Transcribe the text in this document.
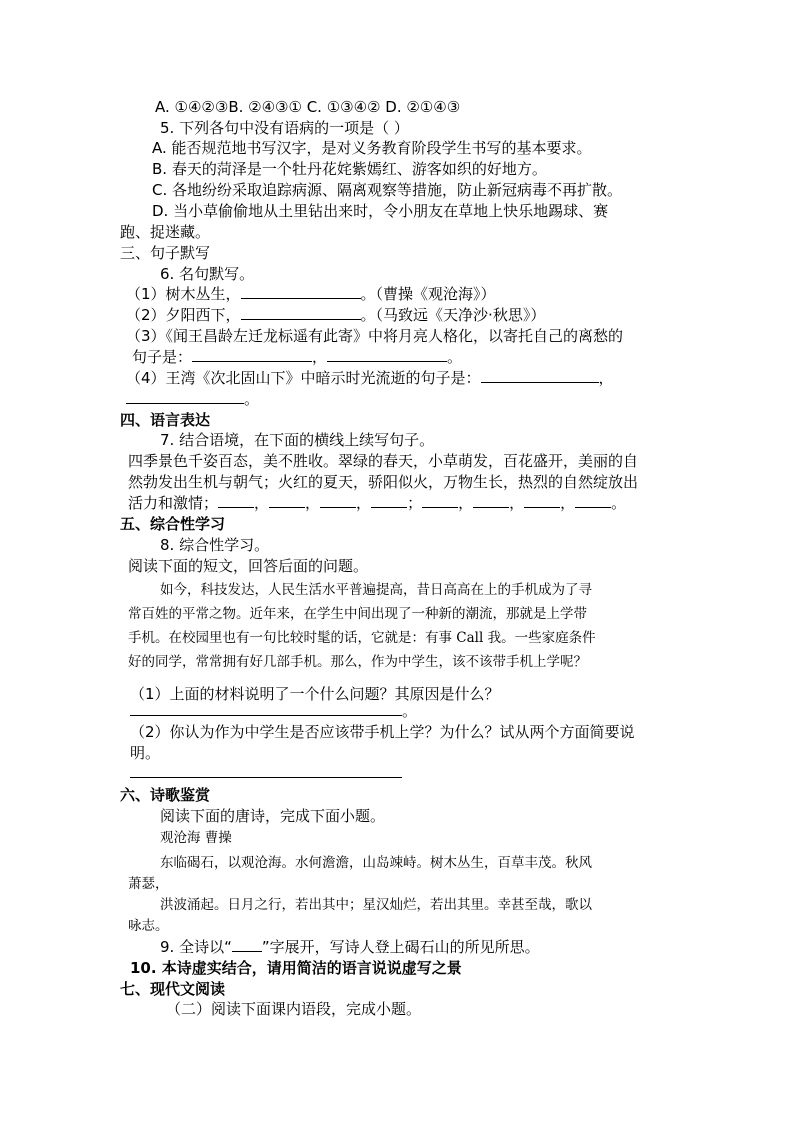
A. ①④②③B. ②④③① C. ①③④② D. ②①④③
5. 下列各句中没有语病的一项是（ ）
A. 能否规范地书写汉字，是对义务教育阶段学生书写的基本要求。
B. 春天的菏泽是一个牡丹花姹紫嫣红、游客如织的好地方。
C. 各地纷纷采取追踪病源、隔离观察等措施，防止新冠病毒不再扩散。
D. 当小草偷偷地从土里钻出来时，令小朋友在草地上快乐地踢球、赛
跑、捉迷藏。
三、句子默写
6. 名句默写。
（1）树木丛生，	。（曹操《观沧海》）
（2）夕阳西下，	。（马致远《天净沙·秋思》）
（3）《闻王昌龄左迁龙标遥有此寄》中将月亮人格化，以寄托自己的离愁的
句子是：	，	。
（4）王湾《次北固山下》中暗示时光流逝的句子是：	，
。
四、语言表达
7. 结合语境，在下面的横线上续写句子。
四季景色千姿百态，美不胜收。翠绿的春天，小草萌发，百花盛开，美丽的自
然勃发出生机与朝气；火红的夏天，骄阳似火，万物生长，热烈的自然绽放出
活力和激情； ， ， ， ； ， ， ， 。
五、综合性学习
8. 综合性学习。
阅读下面的短文，回答后面的问题。
如今，科技发达，人民生活水平普遍提高，昔日高高在上的手机成为了寻
常百姓的平常之物。近年来，在学生中间出现了一种新的潮流，那就是上学带
手机。在校园里也有一句比较时髦的话，它就是：有事 Call 我。一些家庭条件
好的同学，常常拥有好几部手机。那么，作为中学生，该不该带手机上学呢？
（1）上面的材料说明了一个什么问题？其原因是什么？
。
（2）你认为作为中学生是否应该带手机上学？为什么？试从两个方面简要说
明。
六、诗歌鉴赏
阅读下面的唐诗，完成下面小题。
观沧海 曹操
东临碣石，以观沧海。水何澹澹，山岛竦峙。树木丛生，百草丰茂。秋风
萧瑟，
洪波涌起。日月之行，若出其中；星汉灿烂，若出其里。幸甚至哉，歌以
咏志。
9. 全诗以“ ”字展开，写诗人登上碣石山的所见所思。
10. 本诗虚实结合，请用简洁的语言说说虚写之景
七、现代文阅读
（二）阅读下面课内语段，完成小题。
